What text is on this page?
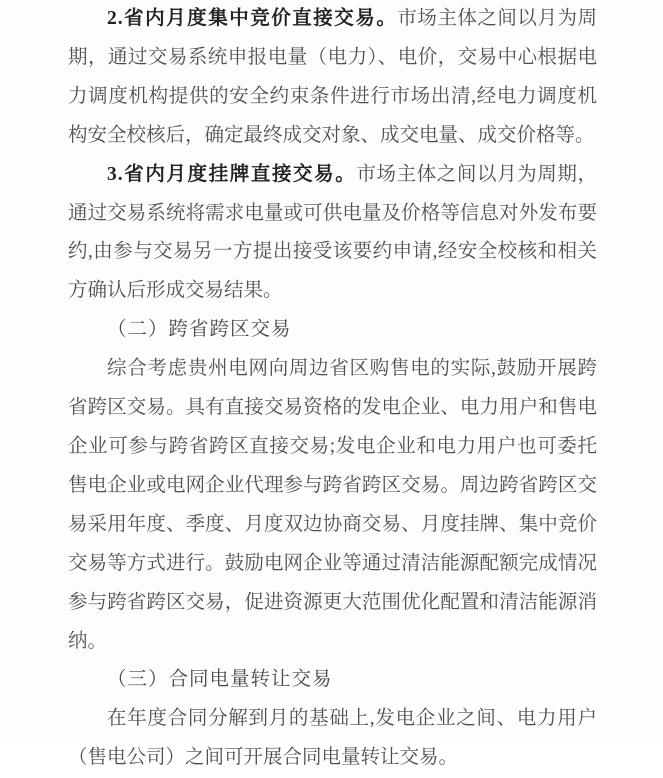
2.省内月度集中竞价直接交易。市场主体之间以月为周期，通过交易系统申报电量（电力）、电价，交易中心根据电力调度机构提供的安全约束条件进行市场出清,经电力调度机构安全校核后，确定最终成交对象、成交电量、成交价格等。

3.省内月度挂牌直接交易。市场主体之间以月为周期，通过交易系统将需求电量或可供电量及价格等信息对外发布要约,由参与交易另一方提出接受该要约申请,经安全校核和相关方确认后形成交易结果。

（二）跨省跨区交易

综合考虑贵州电网向周边省区购售电的实际,鼓励开展跨省跨区交易。具有直接交易资格的发电企业、电力用户和售电企业可参与跨省跨区直接交易;发电企业和电力用户也可委托售电企业或电网企业代理参与跨省跨区交易。周边跨省跨区交易采用年度、季度、月度双边协商交易、月度挂牌、集中竞价交易等方式进行。鼓励电网企业等通过清洁能源配额完成情况参与跨省跨区交易，促进资源更大范围优化配置和清洁能源消纳。

（三）合同电量转让交易

在年度合同分解到月的基础上,发电企业之间、电力用户（售电公司）之间可开展合同电量转让交易。
